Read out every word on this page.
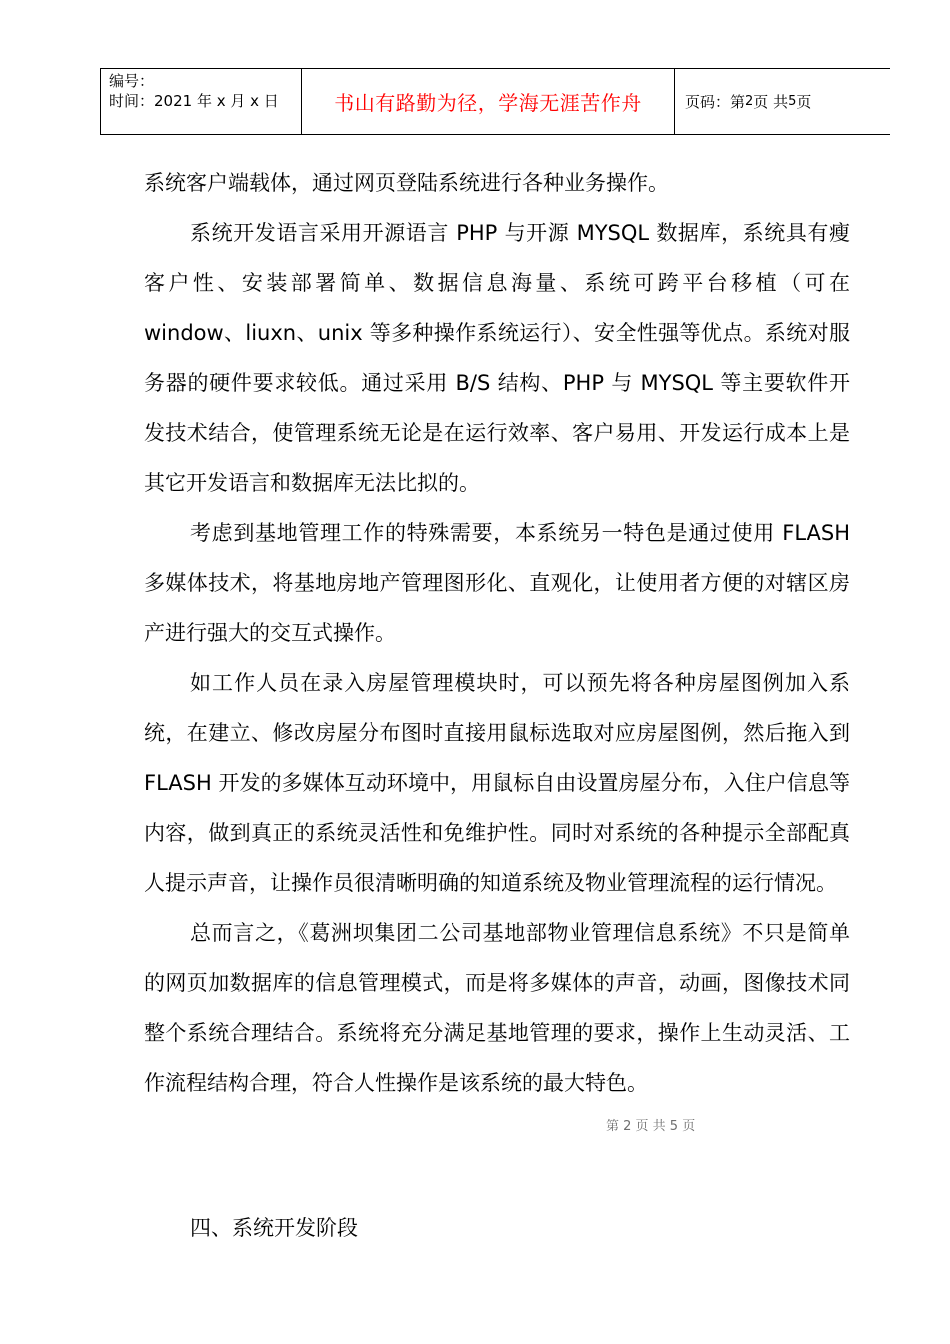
编号：
时间：2021 年 x 月 x 日	书山有路勤为径，学海无涯苦作舟	页码：第 2 页 共 5 页

系统客户端载体，通过网页登陆系统进行各种业务操作。

系统开发语言采用开源语言 PHP 与开源 MYSQL 数据库，系统具有瘦客户性、安装部署简单、数据信息海量、系统可跨平台移植（可在 window、liuxn、unix 等多种操作系统运行）、安全性强等优点。系统对服务器的硬件要求较低。通过采用 B/S 结构、PHP 与 MYSQL 等主要软件开发技术结合，使管理系统无论是在运行效率、客户易用、开发运行成本上是其它开发语言和数据库无法比拟的。

考虑到基地管理工作的特殊需要，本系统另一特色是通过使用 FLASH 多媒体技术，将基地房地产管理图形化、直观化，让使用者方便的对辖区房产进行强大的交互式操作。

如工作人员在录入房屋管理模块时，可以预先将各种房屋图例加入系统，在建立、修改房屋分布图时直接用鼠标选取对应房屋图例，然后拖入到 FLASH 开发的多媒体互动环境中，用鼠标自由设置房屋分布，入住户信息等内容，做到真正的系统灵活性和免维护性。同时对系统的各种提示全部配真人提示声音，让操作员很清晰明确的知道系统及物业管理流程的运行情况。

总而言之，《葛洲坝集团二公司基地部物业管理信息系统》不只是简单的网页加数据库的信息管理模式，而是将多媒体的声音，动画，图像技术同整个系统合理结合。系统将充分满足基地管理的要求，操作上生动灵活、工作流程结构合理，符合人性操作是该系统的最大特色。

第 2 页 共 5 页
四、系统开发阶段
